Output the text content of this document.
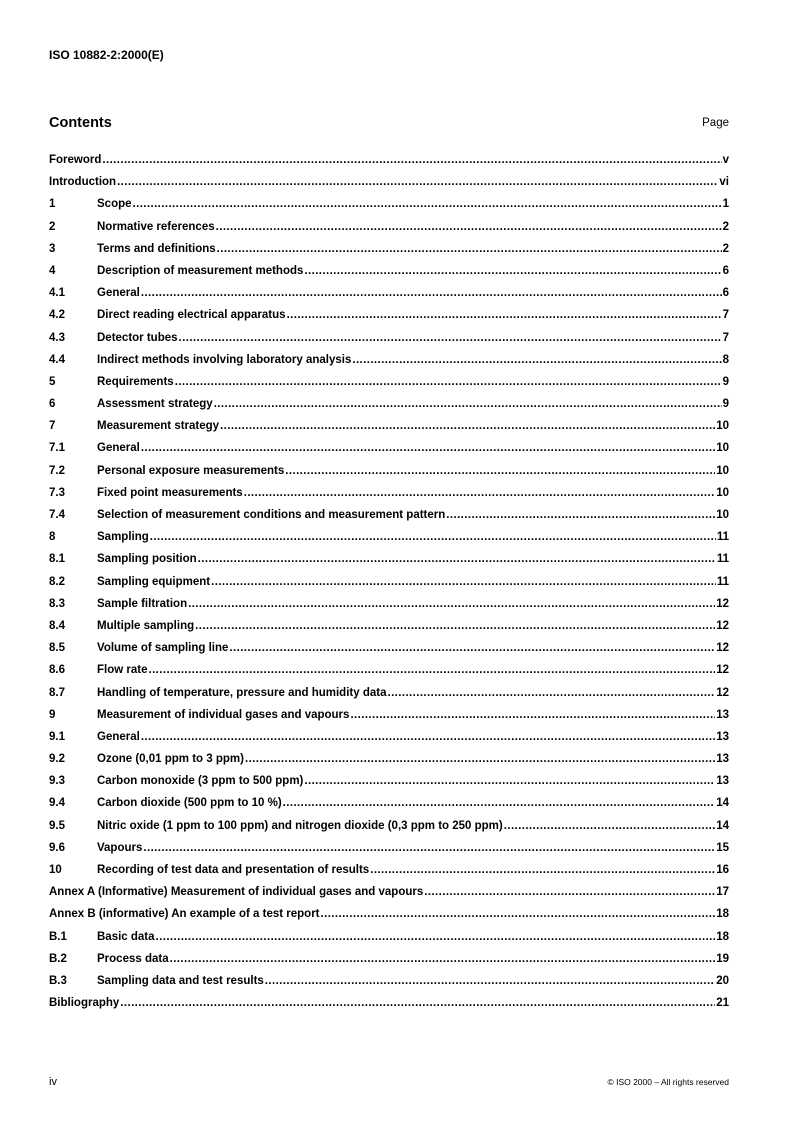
ISO 10882-2:2000(E)
Contents	Page
Foreword .....	v
Introduction .....	vi
1	Scope .....	1
2	Normative references .....	2
3	Terms and definitions .....	2
4	Description of measurement methods .....	6
4.1	General .....	6
4.2	Direct reading electrical apparatus .....	7
4.3	Detector tubes .....	7
4.4	Indirect methods involving laboratory analysis .....	8
5	Requirements .....	9
6	Assessment strategy .....	9
7	Measurement strategy .....	10
7.1	General .....	10
7.2	Personal exposure measurements .....	10
7.3	Fixed point measurements .....	10
7.4	Selection of measurement conditions and measurement pattern .....	10
8	Sampling .....	11
8.1	Sampling position .....	11
8.2	Sampling equipment .....	11
8.3	Sample filtration .....	12
8.4	Multiple sampling .....	12
8.5	Volume of sampling line .....	12
8.6	Flow rate .....	12
8.7	Handling of temperature, pressure and humidity data .....	12
9	Measurement of individual gases and vapours .....	13
9.1	General .....	13
9.2	Ozone (0,01 ppm to 3 ppm) .....	13
9.3	Carbon monoxide (3 ppm to 500 ppm) .....	13
9.4	Carbon dioxide (500 ppm to 10 %) .....	14
9.5	Nitric oxide (1 ppm to 100 ppm) and nitrogen dioxide (0,3 ppm to 250 ppm) .....	14
9.6	Vapours .....	15
10	Recording of test data and presentation of results .....	16
Annex A (Informative) Measurement of individual gases and vapours .....	17
Annex B (informative) An example of a test report .....	18
B.1	Basic data .....	18
B.2	Process data .....	19
B.3	Sampling data and test results .....	20
Bibliography .....	21
iv	© ISO 2000 – All rights reserved
